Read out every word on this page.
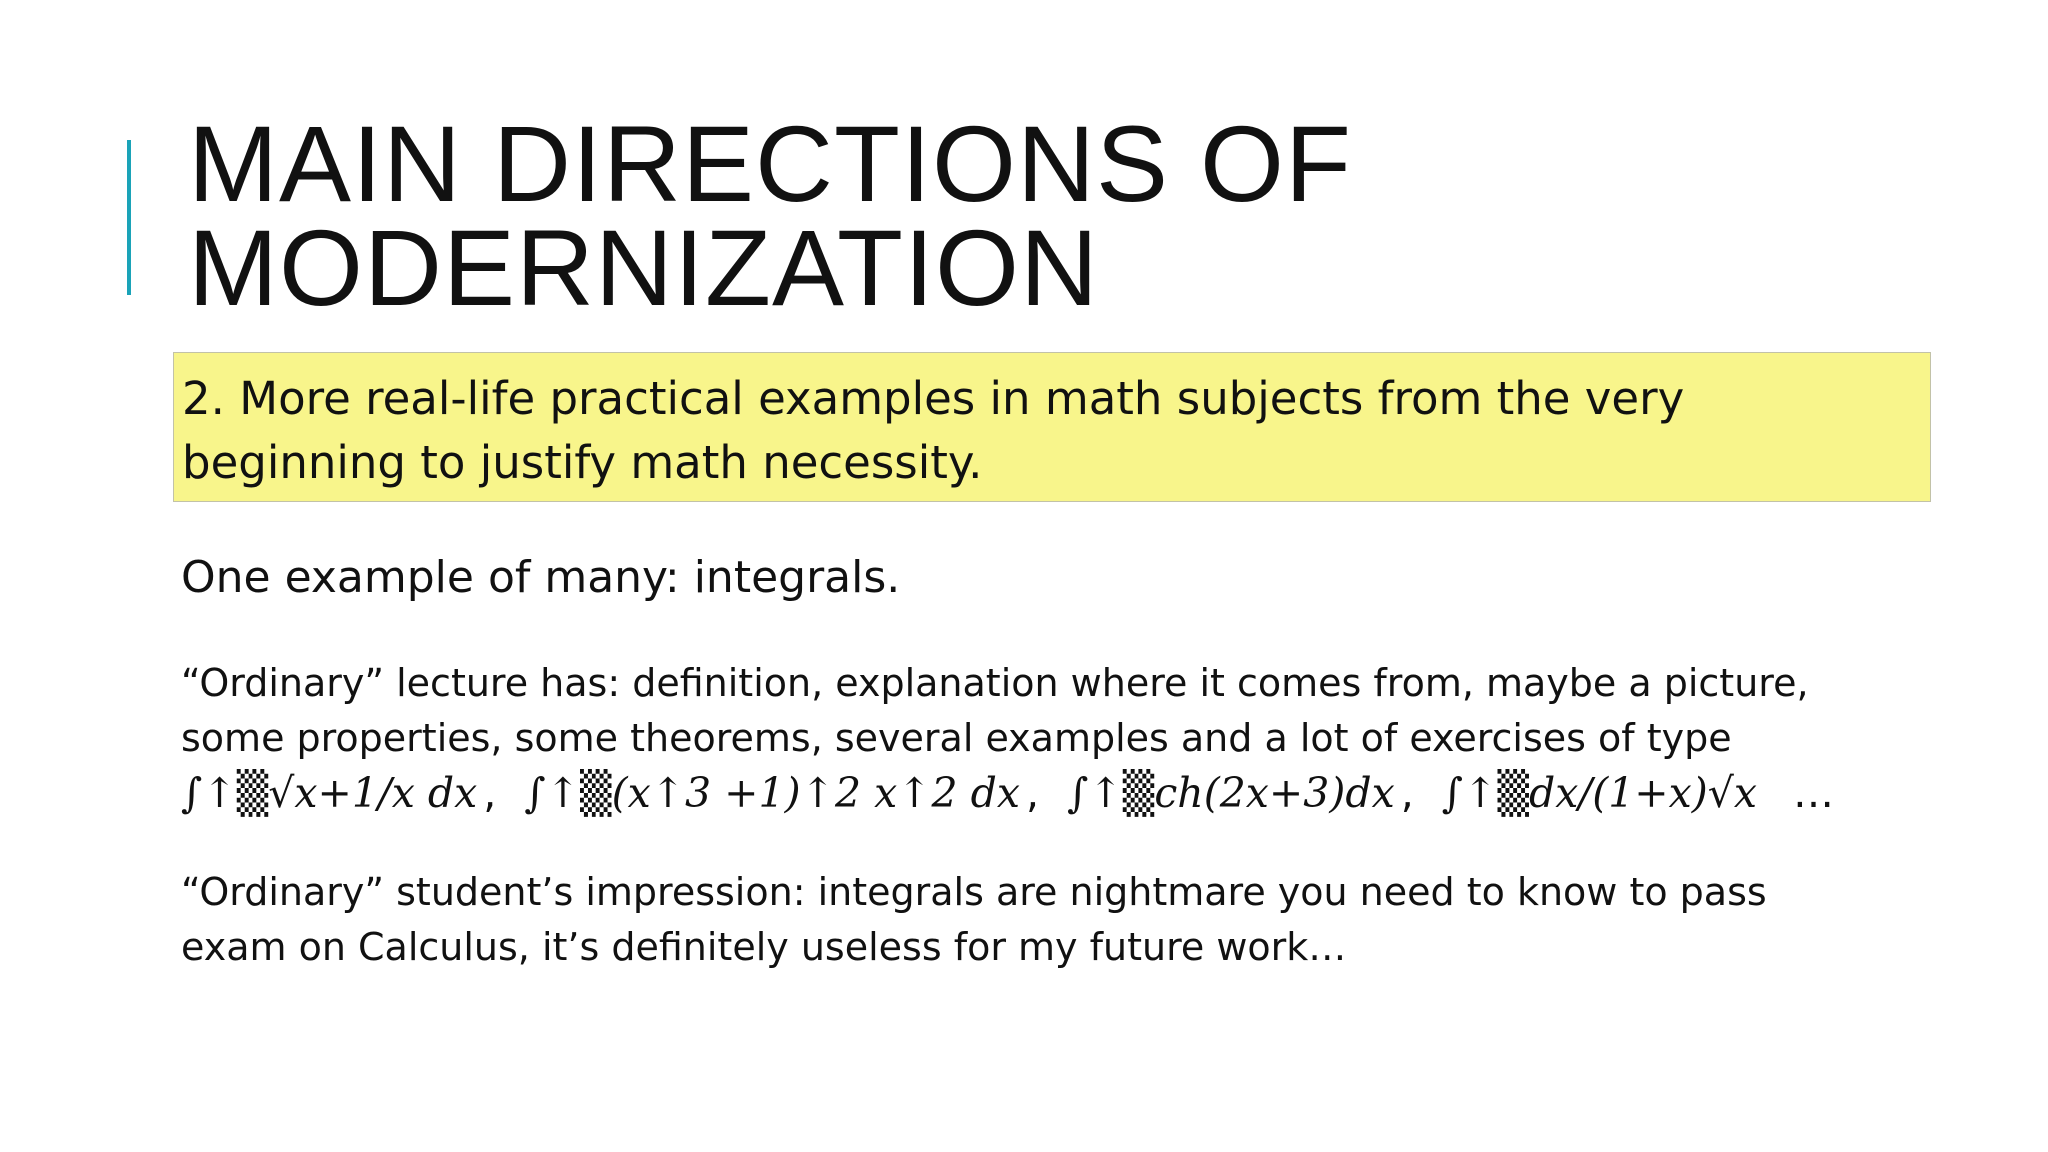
MAIN DIRECTIONS OF
MODERNIZATION
2. More real-life practical examples in math subjects from the very
beginning to justify math necessity.
One example of many: integrals.
“Ordinary” lecture has: definition, explanation where it comes from, maybe a picture,
some properties, some theorems, several examples and a lot of exercises of type
∫↑▒√x+1/x dx , ∫↑▒(x↑3 +1)↑2 x↑2 dx , ∫↑▒ch(2x+3)dx , ∫↑▒dx/(1+x)√x …
“Ordinary” student’s impression: integrals are nightmare you need to know to pass
exam on Calculus, it’s definitely useless for my future work…
